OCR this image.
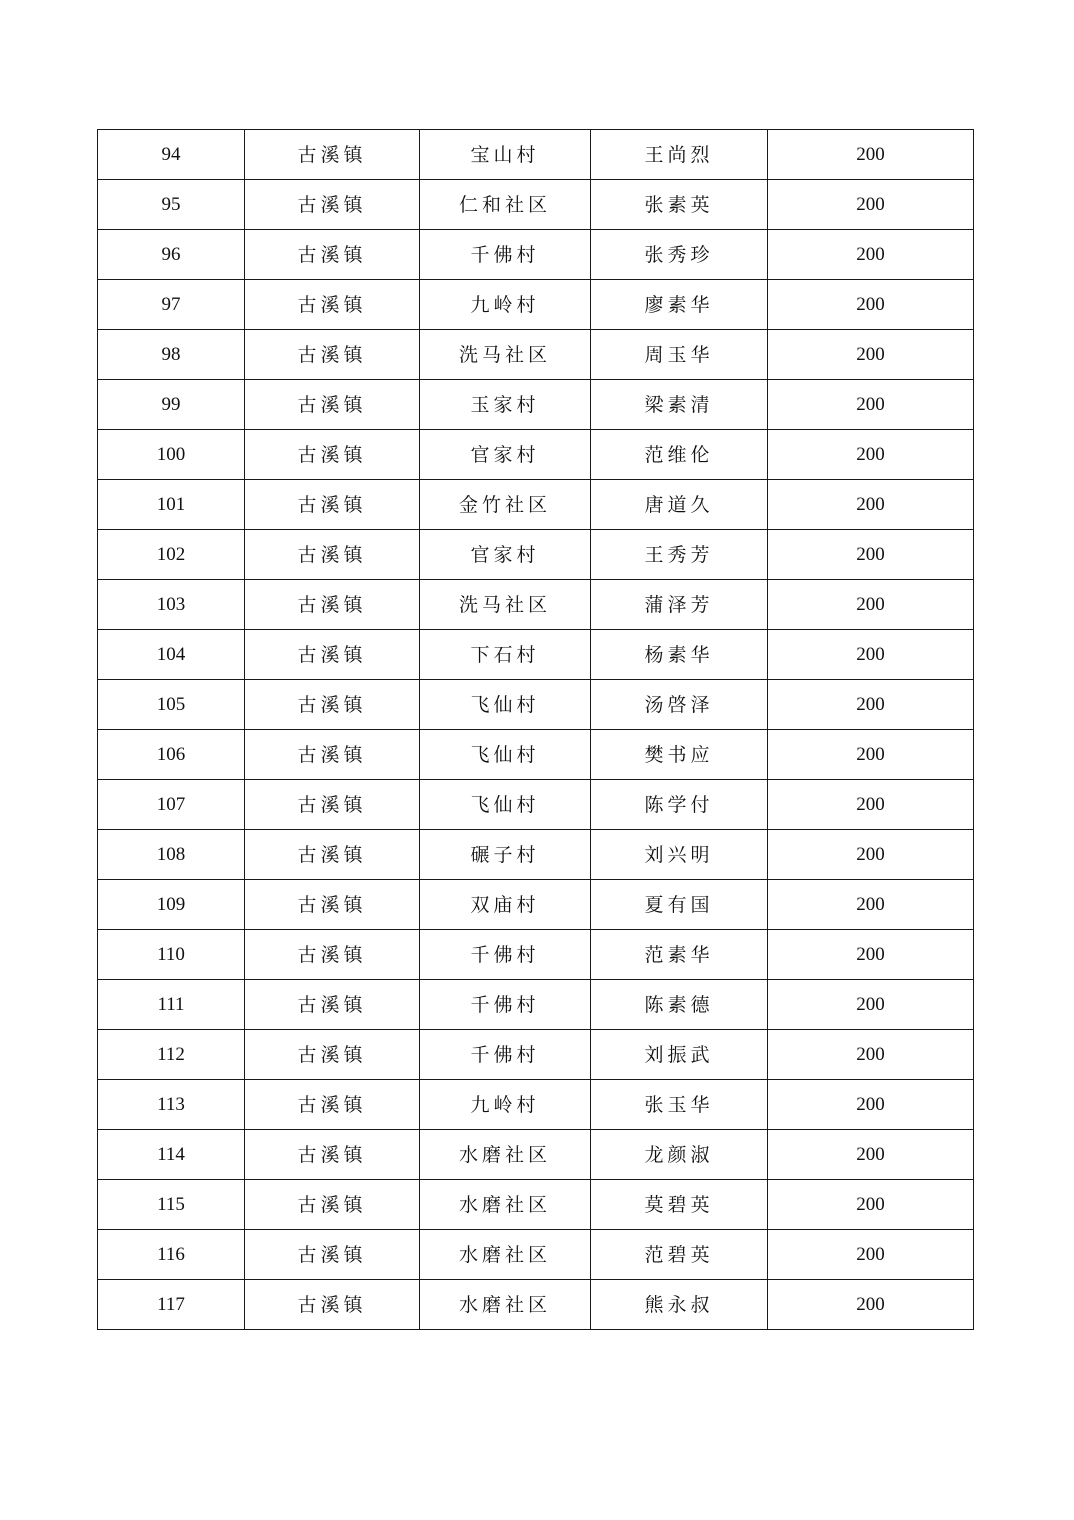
94	古溪镇	宝山村	王尚烈	200
95	古溪镇	仁和社区	张素英	200
96	古溪镇	千佛村	张秀珍	200
97	古溪镇	九岭村	廖素华	200
98	古溪镇	洗马社区	周玉华	200
99	古溪镇	玉家村	梁素清	200
100	古溪镇	官家村	范维伦	200
101	古溪镇	金竹社区	唐道久	200
102	古溪镇	官家村	王秀芳	200
103	古溪镇	洗马社区	蒲泽芳	200
104	古溪镇	下石村	杨素华	200
105	古溪镇	飞仙村	汤啓泽	200
106	古溪镇	飞仙村	樊书应	200
107	古溪镇	飞仙村	陈学付	200
108	古溪镇	碾子村	刘兴明	200
109	古溪镇	双庙村	夏有国	200
110	古溪镇	千佛村	范素华	200
111	古溪镇	千佛村	陈素德	200
112	古溪镇	千佛村	刘振武	200
113	古溪镇	九岭村	张玉华	200
114	古溪镇	水磨社区	龙颜淑	200
115	古溪镇	水磨社区	莫碧英	200
116	古溪镇	水磨社区	范碧英	200
117	古溪镇	水磨社区	熊永叔	200
